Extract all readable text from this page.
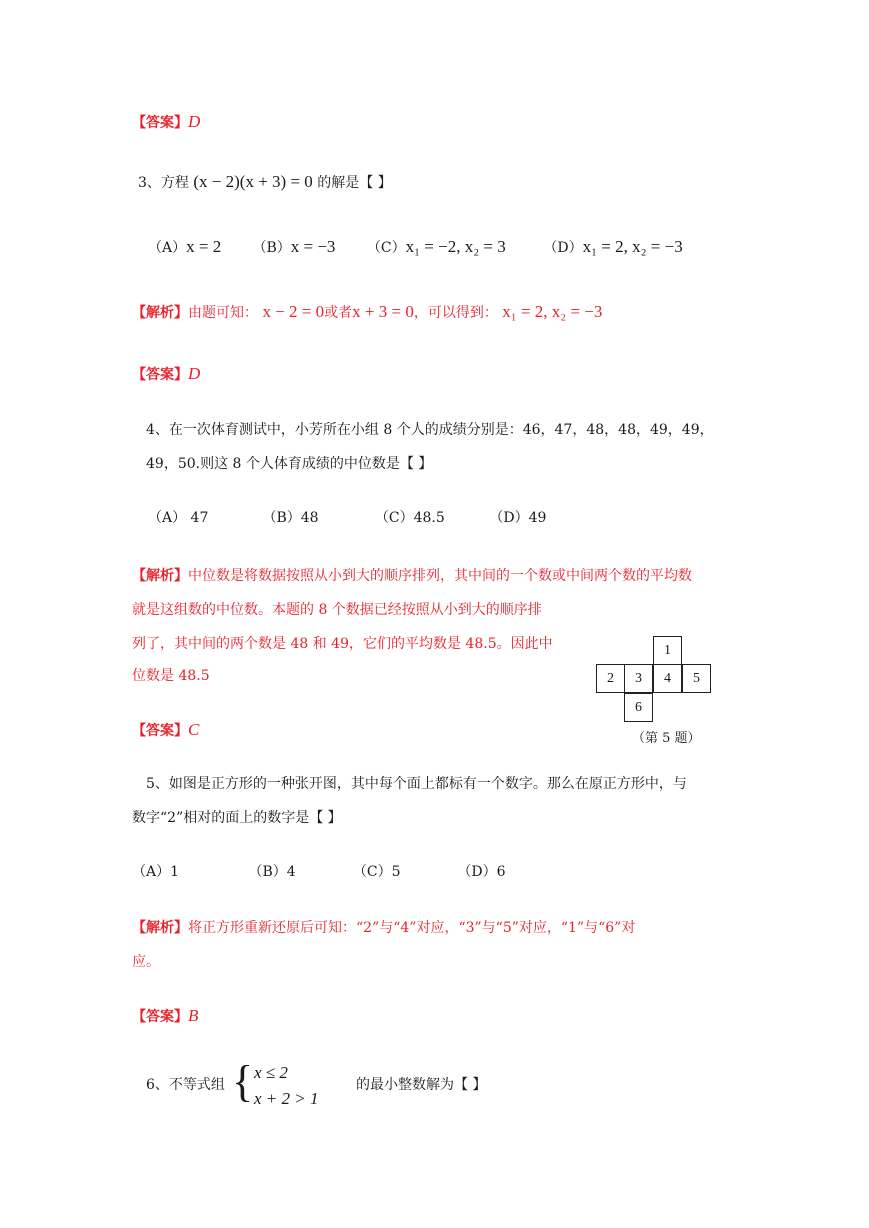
【答案】D
3、方程 (x − 2)(x + 3) = 0 的解是【 】
（A）x = 2 （B）x = −3 （C）x₁ = −2, x₂ = 3	（D）x₁ = 2, x₂ = −3
【解析】由题可知： x − 2 = 0或者x + 3 = 0，可以得到： x₁ = 2, x₂ = −3
【答案】D
4、在一次体育测试中，小芳所在小组 8 个人的成绩分别是：46，47，48，48，49，49，
49，50.则这 8 个人体育成绩的中位数是【 】
（A） 47	（B）48	（C）48.5	（D）49
【解析】中位数是将数据按照从小到大的顺序排列，其中间的一个数或中间两个数的平均数
就是这组数的中位数。本题的 8 个数据已经按照从小到大的顺序排
列了，其中间的两个数是 48 和 49，它们的平均数是 48.5。因此中
位数是 48.5
【答案】C
1
2	3	4	5
6
（第 5 题）
5、如图是正方形的一种张开图，其中每个面上都标有一个数字。那么在原正方形中，与
数字“2”相对的面上的数字是【 】
（A）1	（B）4	（C）5	（D）6
【解析】将正方形重新还原后可知：“2”与“4”对应，“3”与“5”对应，“1”与“6”对
应。
【答案】B
6、不等式组 { x ≤ 2
x + 2 > 1
的最小整数解为【 】
